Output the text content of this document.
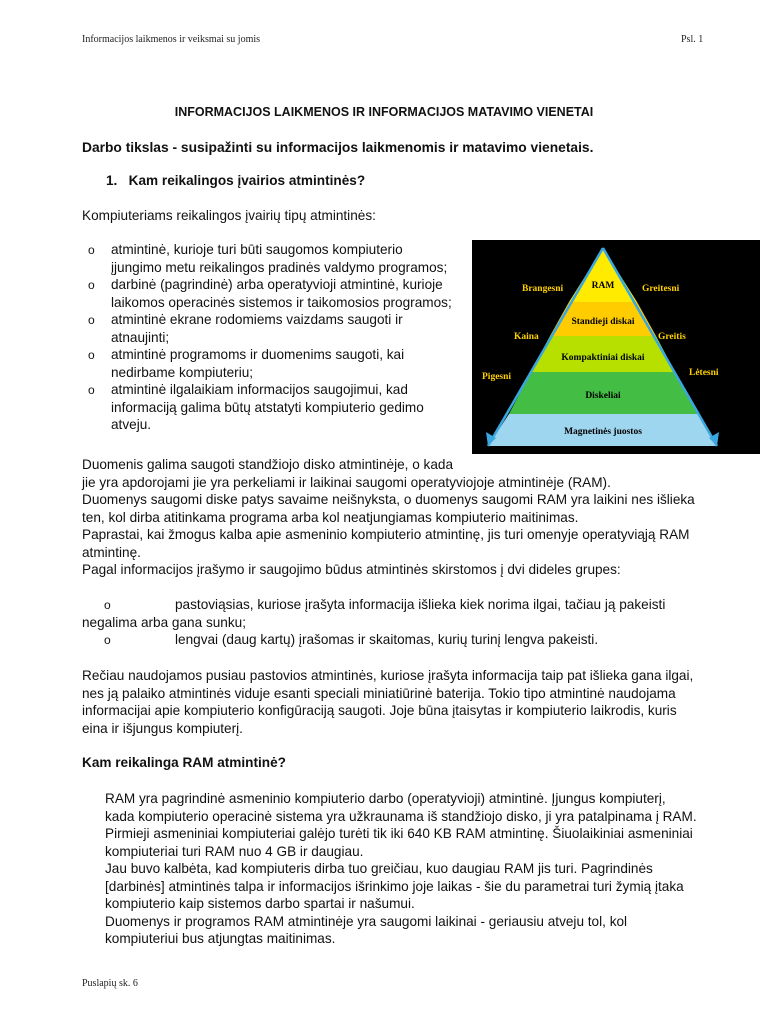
Informacijos laikmenos ir veiksmai su jomis	Psl. 1
INFORMACIJOS LAIKMENOS IR INFORMACIJOS MATAVIMO VIENETAI
Darbo tikslas - susipažinti su informacijos laikmenomis ir matavimo vienetais.
1.   Kam reikalingos įvairios atmintinės?
Kompiuteriams reikalingos įvairių tipų atmintinės:
o atmintinė, kurioje turi būti saugomos kompiuterio
įjungimo metu reikalingos pradinės valdymo programos;
o darbinė (pagrindinė) arba operatyvioji atmintinė, kurioje
laikomos operacinės sistemos ir taikomosios programos;
o atmintinė ekrane rodomiems vaizdams saugoti ir
atnaujinti;
o atmintinė programoms ir duomenims saugoti, kai
nedirbame kompiuteriu;
o atmintinė ilgalaikiam informacijos saugojimui, kad
informaciją galima būtų atstatyti kompiuterio gedimo
atveju.
RAM
Standieji diskai
Kompaktiniai diskai
Diskeliai
Magnetinės juostos
Brangesni
Kaina
Pigesni
Greitesni
Greitis
Lėtesni
Duomenis galima saugoti standžiojo disko atmintinėje, o kada
jie yra apdorojami jie yra perkeliami ir laikinai saugomi operatyviojoje atmintinėje (RAM).
Duomenys saugomi diske patys savaime neišnyksta, o duomenys saugomi RAM yra laikini nes išlieka
ten, kol dirba atitinkama programa arba kol neatjungiamas kompiuterio maitinimas.
Paprastai, kai žmogus kalba apie asmeninio kompiuterio atmintinę, jis turi omenyje operatyviąją RAM
atmintinę.
Pagal informacijos įrašymo ir saugojimo būdus atmintinės skirstomos į dvi dideles grupes:
o	pastoviąsias, kuriose įrašyta informacija išlieka kiek norima ilgai, tačiau ją pakeisti
negalima arba gana sunku;
o	lengvai (daug kartų) įrašomas ir skaitomas, kurių turinį lengva pakeisti.
Rečiau naudojamos pusiau pastovios atmintinės, kuriose įrašyta informacija taip pat išlieka gana ilgai,
nes ją palaiko atmintinės viduje esanti speciali miniatiūrinė baterija. Tokio tipo atmintinė naudojama
informacijai apie kompiuterio konfigūraciją saugoti. Joje būna įtaisytas ir kompiuterio laikrodis, kuris
eina ir išjungus kompiuterį.
Kam reikalinga RAM atmintinė?
RAM yra pagrindinė asmeninio kompiuterio darbo (operatyvioji) atmintinė. Įjungus kompiuterį,
kada kompiuterio operacinė sistema yra užkraunama iš standžiojo disko, ji yra patalpinama į RAM.
Pirmieji asmeniniai kompiuteriai galėjo turėti tik iki 640 KB RAM atmintinę. Šiuolaikiniai asmeniniai
kompiuteriai turi RAM nuo 4 GB ir daugiau.
Jau buvo kalbėta, kad kompiuteris dirba tuo greičiau, kuo daugiau RAM jis turi. Pagrindinės
[darbinės] atmintinės talpa ir informacijos išrinkimo joje laikas - šie du parametrai turi žymią įtaka
kompiuterio kaip sistemos darbo spartai ir našumui.
Duomenys ir programos RAM atmintinėje yra saugomi laikinai - geriausiu atveju tol, kol
kompiuteriui bus atjungtas maitinimas.
Puslapių sk. 6
